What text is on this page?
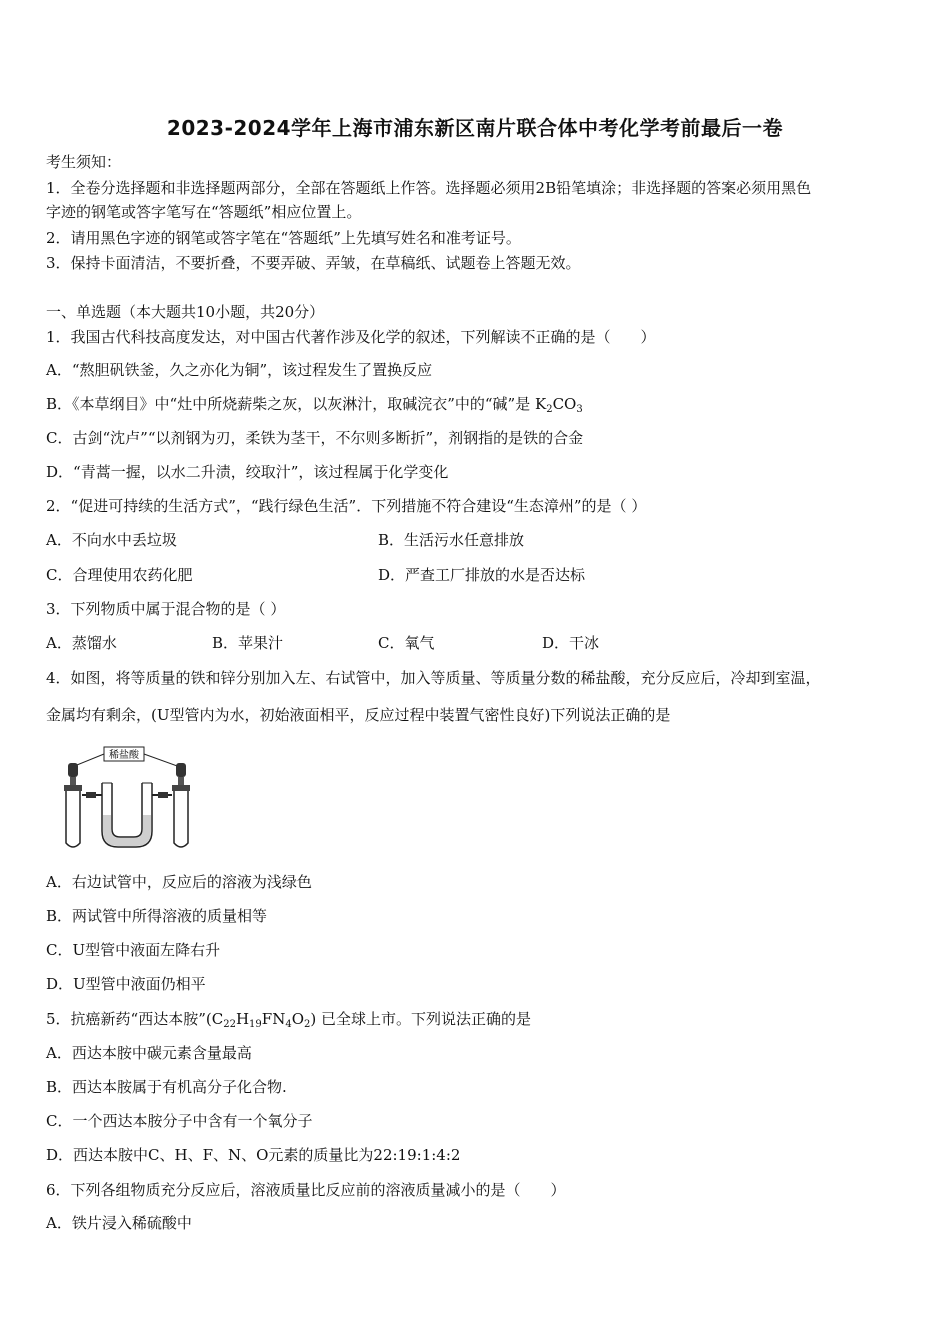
2023-2024学年上海市浦东新区南片联合体中考化学考前最后一卷
考生须知：
1．全卷分选择题和非选择题两部分，全部在答题纸上作答。选择题必须用2B铅笔填涂；非选择题的答案必须用黑色
字迹的钢笔或答字笔写在“答题纸”相应位置上。
2．请用黑色字迹的钢笔或答字笔在“答题纸”上先填写姓名和准考证号。
3．保持卡面清洁，不要折叠，不要弄破、弄皱，在草稿纸、试题卷上答题无效。
一、单选题（本大题共10小题，共20分）
1．我国古代科技高度发达，对中国古代著作涉及化学的叙述，下列解读不正确的是（　　）
A．“熬胆矾铁釜，久之亦化为铜”，该过程发生了置换反应
B．《本草纲目》中“灶中所烧薪柴之灰，以灰淋汁，取碱浣衣”中的“碱”是 $K_2CO_3$
C．古剑“沈卢”“以剂钢为刃，柔铁为茎干，不尔则多断折”，剂钢指的是铁的合金
D．“青蒿一握，以水二升渍，绞取汁”，该过程属于化学变化
2．“促进可持续的生活方式”，“践行绿色生活”．下列措施不符合建设“生态漳州”的是（ ）
A．不向水中丢垃圾	B．生活污水任意排放
C．合理使用农药化肥	D．严查工厂排放的水是否达标
3．下列物质中属于混合物的是（ ）
A．蒸馏水	B．苹果汁	C．氧气	D．干冰
4．如图，将等质量的铁和锌分别加入左、右试管中，加入等质量、等质量分数的稀盐酸，充分反应后，冷却到室温，
金属均有剩余，(U型管内为水，初始液面相平，反应过程中装置气密性良好)下列说法正确的是
稀盐酸
A．右边试管中，反应后的溶液为浅绿色
B．两试管中所得溶液的质量相等
C．U型管中液面左降右升
D．U型管中液面仍相平
5．抗癌新药“西达本胺$”(C_{22}H_{19}FN_4O_2)$ 已全球上市。下列说法正确的是
A．西达本胺中碳元素含量最高
B．西达本胺属于有机高分子化合物.
C．一个西达本胺分子中含有一个氧分子
D．西达本胺中C、H、F、N、O元素的质量比为22:19:1:4:2
6．下列各组物质充分反应后，溶液质量比反应前的溶液质量减小的是（　　）
A．铁片浸入稀硫酸中
